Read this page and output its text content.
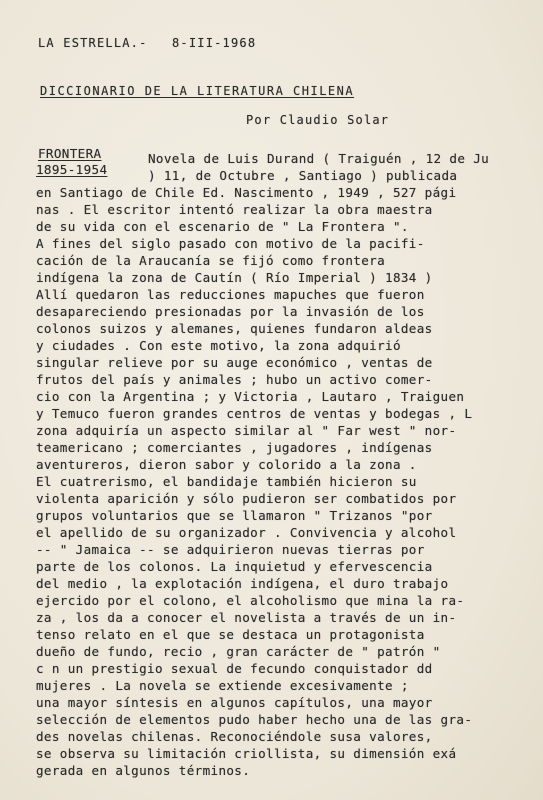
LA ESTRELLA.- 8-III-1968
DICCIONARIO DE LA LITERATURA CHILENA
Por Claudio Solar
FRONTERA
1895-1954
Novela de Luis Durand ( Traiguén , 12 de Ju
) 11, de Octubre , Santiago ) publicada
en Santiago de Chile Ed. Nascimento , 1949 , 527 pági
nas . El escritor intentó realizar la obra maestra
de su vida con el escenario de " La Frontera ".
A fines del siglo pasado con motivo de la pacifi-
cación de la Araucanía se fijó como frontera
indígena la zona de Cautín ( Río Imperial ) 1834 )
Allí quedaron las reducciones mapuches que fueron
desapareciendo presionadas por la invasión de los
colonos suizos y alemanes, quienes fundaron aldeas
y ciudades . Con este motivo, la zona adquirió
singular relieve por su auge económico , ventas de
frutos del país y animales ; hubo un activo comer-
cio con la Argentina ; y Victoria , Lautaro , Traiguen
y Temuco fueron grandes centros de ventas y bodegas , L
zona adquiría un aspecto similar al " Far west " nor-
teamericano ; comerciantes , jugadores , indígenas
aventureros, dieron sabor y colorido a la zona .
El cuatrerismo, el bandidaje también hicieron su
violenta aparición y sólo pudieron ser combatidos por
grupos voluntarios que se llamaron " Trizanos "por
el apellido de su organizador . Convivencia y alcohol
-- " Jamaica -- se adquirieron nuevas tierras por
parte de los colonos. La inquietud y efervescencia
del medio , la explotación indígena, el duro trabajo
ejercido por el colono, el alcoholismo que mina la ra-
za , los da a conocer el novelista a través de un in-
tenso relato en el que se destaca un protagonista
dueño de fundo, recio , gran carácter de " patrón "
c n un prestigio sexual de fecundo conquistador dd
mujeres . La novela se extiende excesivamente ;
una mayor síntesis en algunos capítulos, una mayor
selección de elementos pudo haber hecho una de las gra-
des novelas chilenas. Reconociéndole susa valores,
se observa su limitación criollista, su dimensión exá
gerada en algunos términos.
